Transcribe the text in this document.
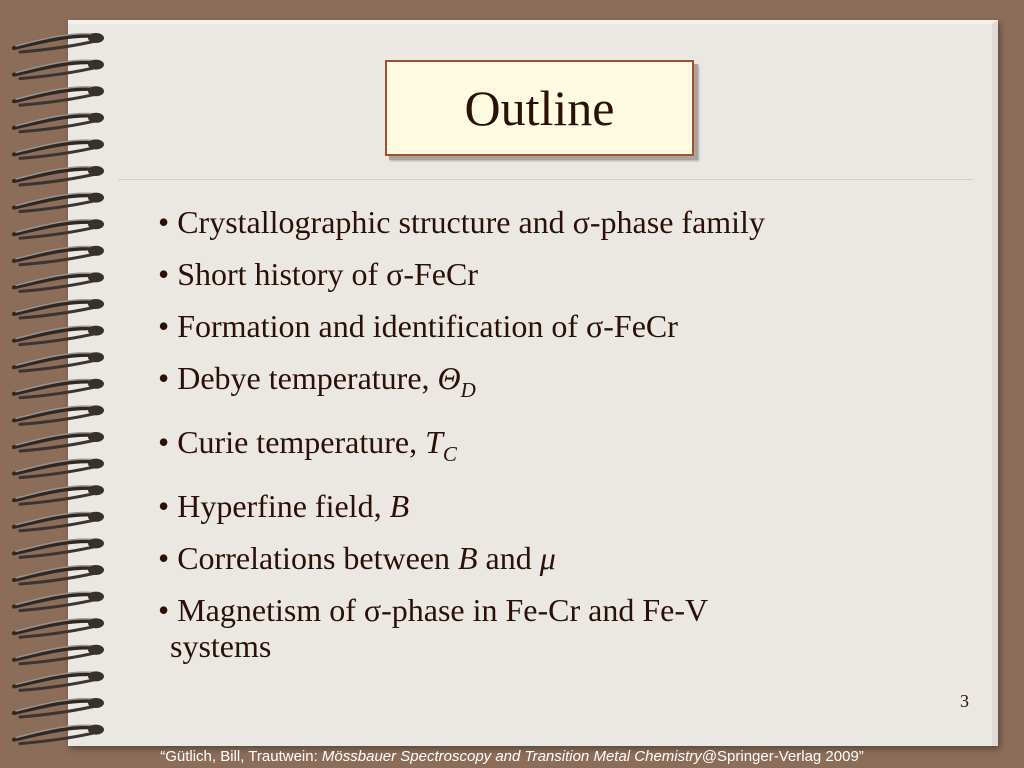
Outline
• Crystallographic structure and σ-phase family
• Short history of σ-FeCr
• Formation and identification of σ-FeCr
• Debye temperature, $\Theta_D$
• Curie temperature, $T_C$
• Hyperfine field, B
• Correlations between B and μ
• Magnetism of σ-phase in Fe-Cr and Fe-V
systems
3
“Gütlich, Bill, Trautwein: Mössbauer Spectroscopy and Transition Metal Chemistry@Springer-Verlag 2009”
